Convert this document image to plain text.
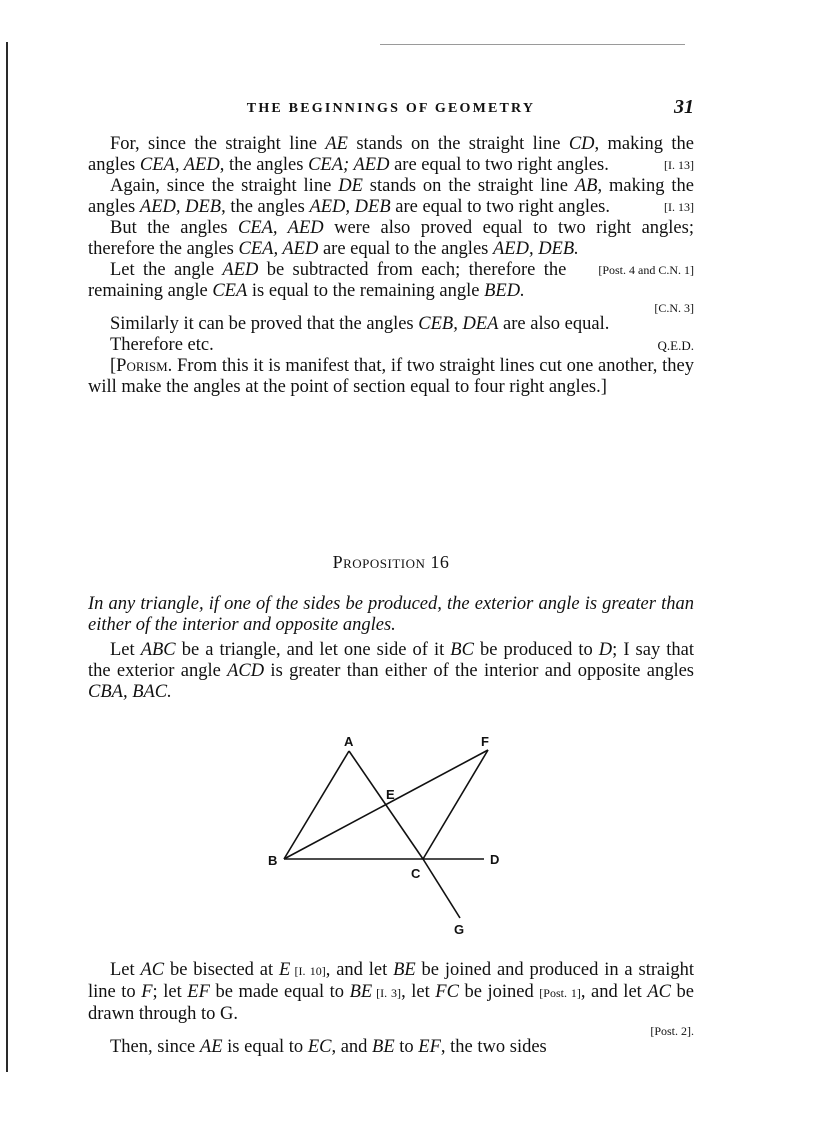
THE BEGINNINGS OF GEOMETRY	31

For, since the straight line AE stands on the straight line CD, making the angles CEA, AED, the angles CEA; AED are equal to two right angles.	[I. 13]

Again, since the straight line DE stands on the straight line AB, making the angles AED, DEB, the angles AED, DEB are equal to two right angles.	[I. 13]

But the angles CEA, AED were also proved equal to two right angles; therefore the angles CEA, AED are equal to the angles AED, DEB.
[Post. 4 and C.N. 1]

Let the angle AED be subtracted from each; therefore the remaining angle CEA is equal to the remaining angle BED.

[C.N. 3]

Similarly it can be proved that the angles CEB, DEA are also equal.

Therefore etc.	Q.E.D.

[Porism. From this it is manifest that, if two straight lines cut one another, they will make the angles at the point of section equal to four right angles.]

Proposition 16

In any triangle, if one of the sides be produced, the exterior angle is greater than either of the interior and opposite angles.

Let ABC be a triangle, and let one side of it BC be produced to D; I say that the exterior angle ACD is greater than either of the interior and opposite angles CBA, BAC.

A
B
C
D
E
F
G

Let AC be bisected at E [I. 10], and let BE be joined and produced in a straight line to F; let EF be made equal to BE [I. 3], let FC be joined [Post. 1], and let AC be drawn through to G.

[Post. 2].

Then, since AE is equal to EC, and BE to EF, the two sides
